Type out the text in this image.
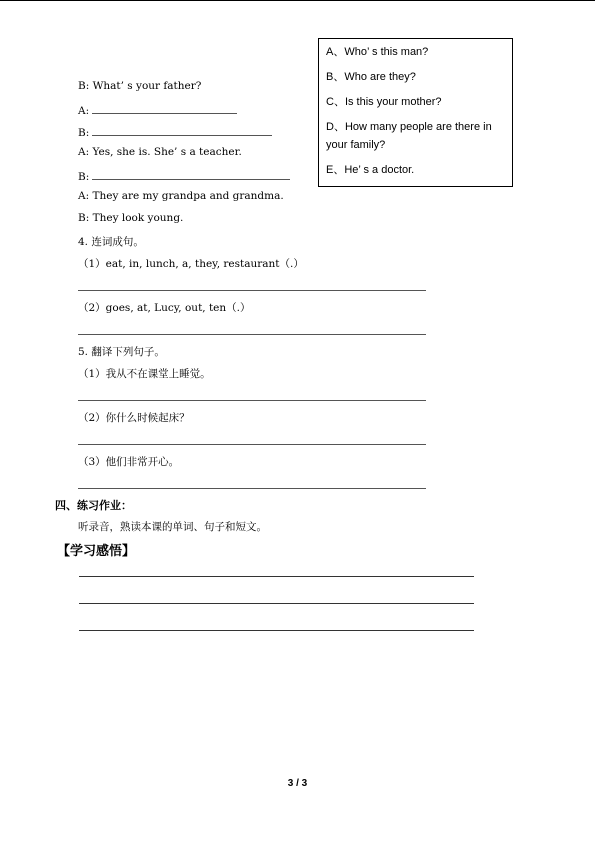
B: What’ s your father?
A:
B:
A: Yes, she is. She’ s a teacher.
B:
A: They are my grandpa and grandma.
B: They look young.
A、Who’ s this man?
B、Who are they?
C、Is this your mother?
D、How many people are there in
your family?
E、He’ s a doctor.
4. 连词成句。
（1）eat, in, lunch, a, they, restaurant（.）
（2）goes, at, Lucy, out, ten（.）
5. 翻译下列句子。
（1）我从不在课堂上睡觉。
（2）你什么时候起床？
（3）他们非常开心。
四、练习作业：
听录音，熟读本课的单词、句子和短文。
【学习感悟】
3 / 3
